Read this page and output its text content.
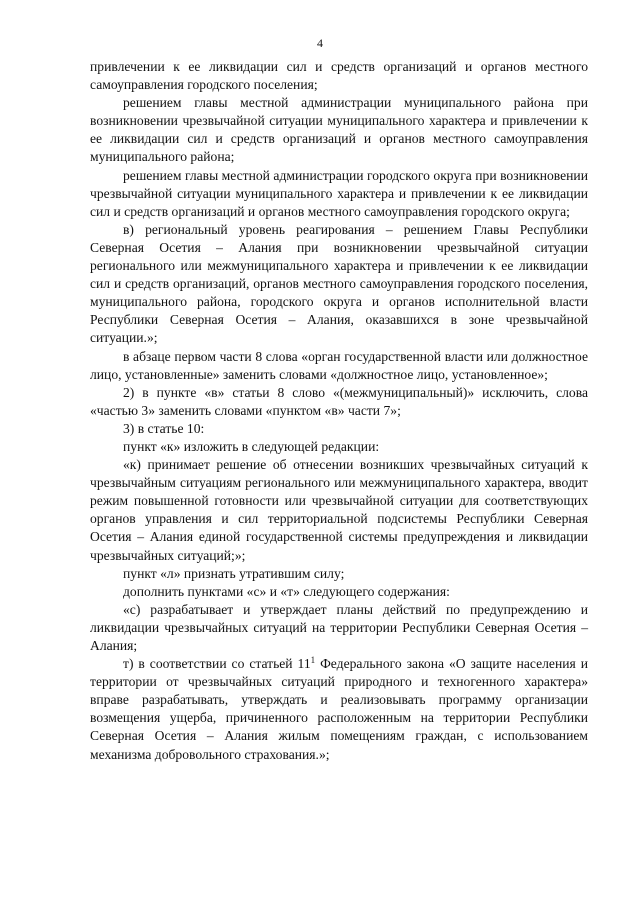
4

привлечении к ее ликвидации сил и средств организаций и органов местного самоуправления городского поселения;

решением главы местной администрации муниципального района при возникновении чрезвычайной ситуации муниципального характера и привлечении к ее ликвидации сил и средств организаций и органов местного самоуправления муниципального района;

решением главы местной администрации городского округа при возникновении чрезвычайной ситуации муниципального характера и привлечении к ее ликвидации сил и средств организаций и органов местного самоуправления городского округа;

в) региональный уровень реагирования – решением Главы Республики Северная Осетия – Алания при возникновении чрезвычайной ситуации регионального или межмуниципального характера и привлечении к ее ликвидации сил и средств организаций, органов местного самоуправления городского поселения, муниципального района, городского округа и органов исполнительной власти Республики Северная Осетия – Алания, оказавшихся в зоне чрезвычайной ситуации.»;

в абзаце первом части 8 слова «орган государственной власти или должностное лицо, установленные» заменить словами «должностное лицо, установленное»;

2) в пункте «в» статьи 8 слово «(межмуниципальный)» исключить, слова «частью 3» заменить словами «пунктом «в» части 7»;

3) в статье 10:

пункт «к» изложить в следующей редакции:

«к) принимает решение об отнесении возникших чрезвычайных ситуаций к чрезвычайным ситуациям регионального или межмуниципального характера, вводит режим повышенной готовности или чрезвычайной ситуации для соответствующих органов управления и сил территориальной подсистемы Республики Северная Осетия – Алания единой государственной системы предупреждения и ликвидации чрезвычайных ситуаций;»;

пункт «л» признать утратившим силу;

дополнить пунктами «с» и «т» следующего содержания:

«с) разрабатывает и утверждает планы действий по предупреждению и ликвидации чрезвычайных ситуаций на территории Республики Северная Осетия – Алания;

т) в соответствии со статьей $11^1$ Федерального закона «О защите населения и территории от чрезвычайных ситуаций природного и техногенного характера» вправе разрабатывать, утверждать и реализовывать программу организации возмещения ущерба, причиненного расположенным на территории Республики Северная Осетия – Алания жилым помещениям граждан, с использованием механизма добровольного страхования.»;
